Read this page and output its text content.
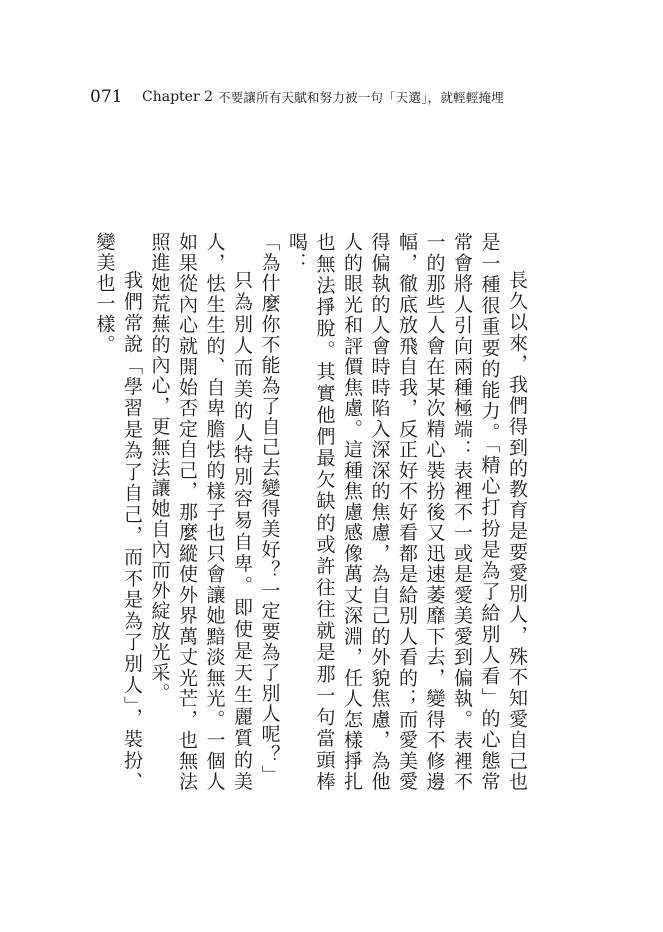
071 Chapter 2 不要讓所有天賦和努力被一句「天選」，就輕輕掩埋

長久以來，我們得到的教育是要愛別人，殊不知愛自己也是一種很重要的能力。「精心打扮是為了給別人看」的心態常常會將人引向兩種極端：表裡不一或是愛美愛到偏執。表裡不一的那些人會在某次精心裝扮後又迅速萎靡下去，變得不修邊幅，徹底放飛自我，反正好不好看都是給別人看的；而愛美愛得偏執的人會時時陷入深深的焦慮，為自己的外貌焦慮，為他人的眼光和評價焦慮。這種焦慮感像萬丈深淵，任人怎樣掙扎也無法掙脫。其實他們最欠缺的或許往往就是那一句當頭棒喝：

「為什麼你不能為了自己去變得美好？一定要為了別人呢？」

只為別人而美的人特別容易自卑。即使是天生麗質的美人，怯生生的、自卑膽怯的樣子也只會讓她黯淡無光。一個人如果從內心就開始否定自己，那麼縱使外界萬丈光芒，也無法照進她荒蕪的內心，更無法讓她自內而外綻放光采。

我們常說「學習是為了自己，而不是為了別人」，裝扮、變美也一樣。
